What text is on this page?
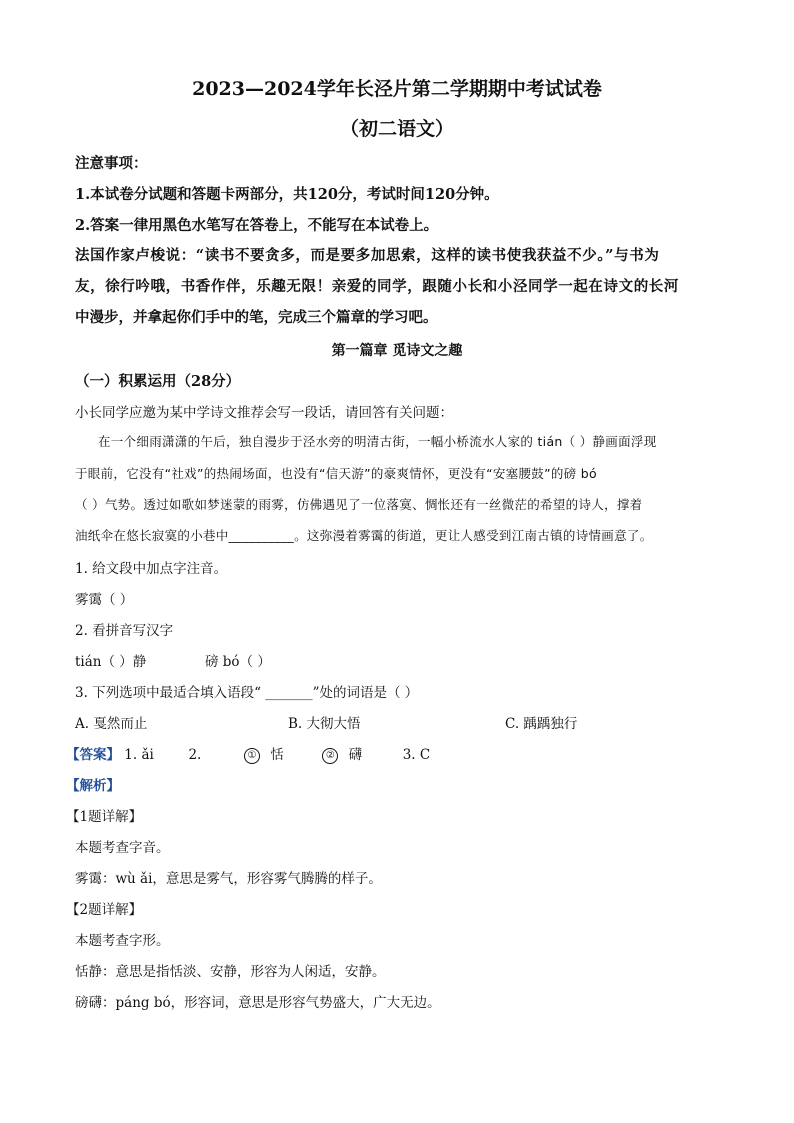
2023—2024学年长泾片第二学期期中考试试卷
（初二语文）
注意事项：
1.本试卷分试题和答题卡两部分，共120分，考试时间120分钟。
2.答案一律用黑色水笔写在答卷上，不能写在本试卷上。
法国作家卢梭说：“读书不要贪多，而是要多加思索，这样的读书使我获益不少。”与书为
友，徐行吟哦，书香作伴，乐趣无限！亲爱的同学，跟随小长和小泾同学一起在诗文的长河
中漫步，并拿起你们手中的笔，完成三个篇章的学习吧。
第一篇章 觅诗文之趣
（一）积累运用（28分）
小长同学应邀为某中学诗文推荐会写一段话，请回答有关问题：
在一个细雨潇潇的午后，独自漫步于泾水旁的明清古街，一幅小桥流水人家的 tián（ ）静画面浮现
于眼前，它没有“社戏”的热闹场面，也没有“信天游”的豪爽情怀，更没有“安塞腰鼓”的磅 bó
（ ）气势。透过如歌如梦迷蒙的雨雾，仿佛遇见了一位落寞、惆怅还有一丝微茫的希望的诗人，撑着
油纸伞在悠长寂寞的小巷中__________。这弥漫着雾霭的街道，更让人感受到江南古镇的诗情画意了。
1. 给文段中加点字注音。
雾霭（ ）
2. 看拼音写汉字
tián（ ）静	磅 bó（ ）
3. 下列选项中最适合填入语段“ _______”处的词语是（ ）
A. 戛然而止	B. 大彻大悟	C. 踽踽独行
【答案】 1. ǎi	2.	① 恬	② 礴	3. C
【解析】
【1题详解】
本题考查字音。
雾霭：wù ǎi，意思是雾气，形容雾气腾腾的样子。
【2题详解】
本题考查字形。
恬静：意思是指恬淡、安静，形容为人闲适，安静。
磅礴：páng bó，形容词，意思是形容气势盛大，广大无边。
